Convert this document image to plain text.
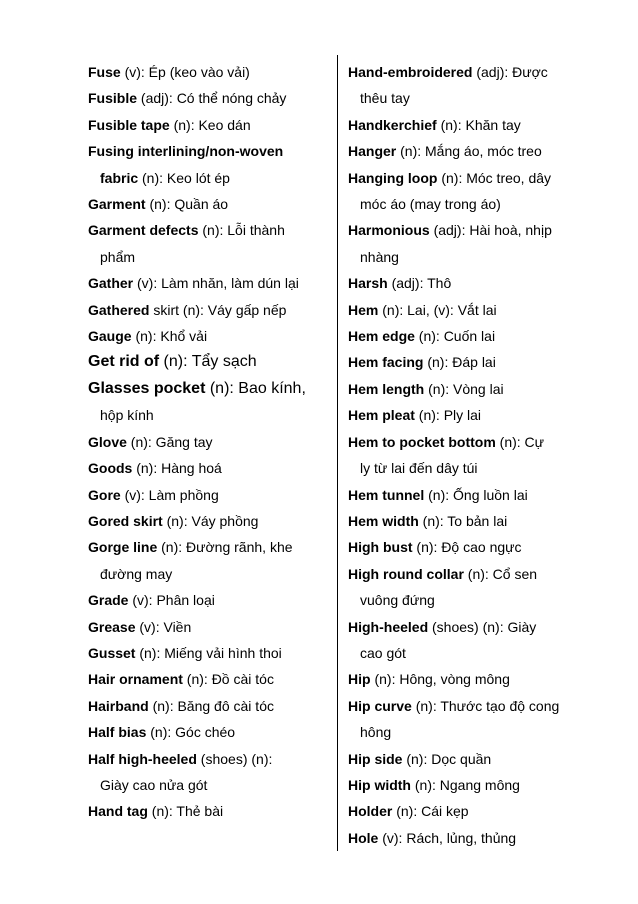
Fuse (v): Ép (keo vào vải)
Fusible (adj): Có thể nóng chảy
Fusible tape (n): Keo dán
Fusing interlining/non-woven
fabric (n): Keo lót ép
Garment (n): Quần áo
Garment defects (n): Lỗi thành
phẩm
Gather (v): Làm nhăn, làm dún lại
Gathered skirt (n): Váy gấp nếp
Gauge (n): Khổ vải
Get rid of (n): Tẩy sạch
Glasses pocket (n): Bao kính,
hộp kính
Glove (n): Găng tay
Goods (n): Hàng hoá
Gore (v): Làm phồng
Gored skirt (n): Váy phồng
Gorge line (n): Đường rãnh, khe
đường may
Grade (v): Phân loại
Grease (v): Viền
Gusset (n): Miếng vải hình thoi
Hair ornament (n): Đồ cài tóc
Hairband (n): Băng đô cài tóc
Half bias (n): Góc chéo
Half high-heeled (shoes) (n):
Giày cao nửa gót
Hand tag (n): Thẻ bài
Hand-embroidered (adj): Được
thêu tay
Handkerchief (n): Khăn tay
Hanger (n): Mắng áo, móc treo
Hanging loop (n): Móc treo, dây
móc áo (may trong áo)
Harmonious (adj): Hài hoà, nhịp
nhàng
Harsh (adj): Thô
Hem (n): Lai, (v): Vắt lai
Hem edge (n): Cuốn lai
Hem facing (n): Đáp lai
Hem length (n): Vòng lai
Hem pleat (n): Ply lai
Hem to pocket bottom (n): Cự
ly từ lai đến dây túi
Hem tunnel (n): Ống luồn lai
Hem width (n): To bản lai
High bust (n): Độ cao ngực
High round collar (n): Cổ sen
vuông đứng
High-heeled (shoes) (n): Giày
cao gót
Hip (n): Hông, vòng mông
Hip curve (n): Thước tạo độ cong
hông
Hip side (n): Dọc quần
Hip width (n): Ngang mông
Holder (n): Cái kẹp
Hole (v): Rách, lủng, thủng
